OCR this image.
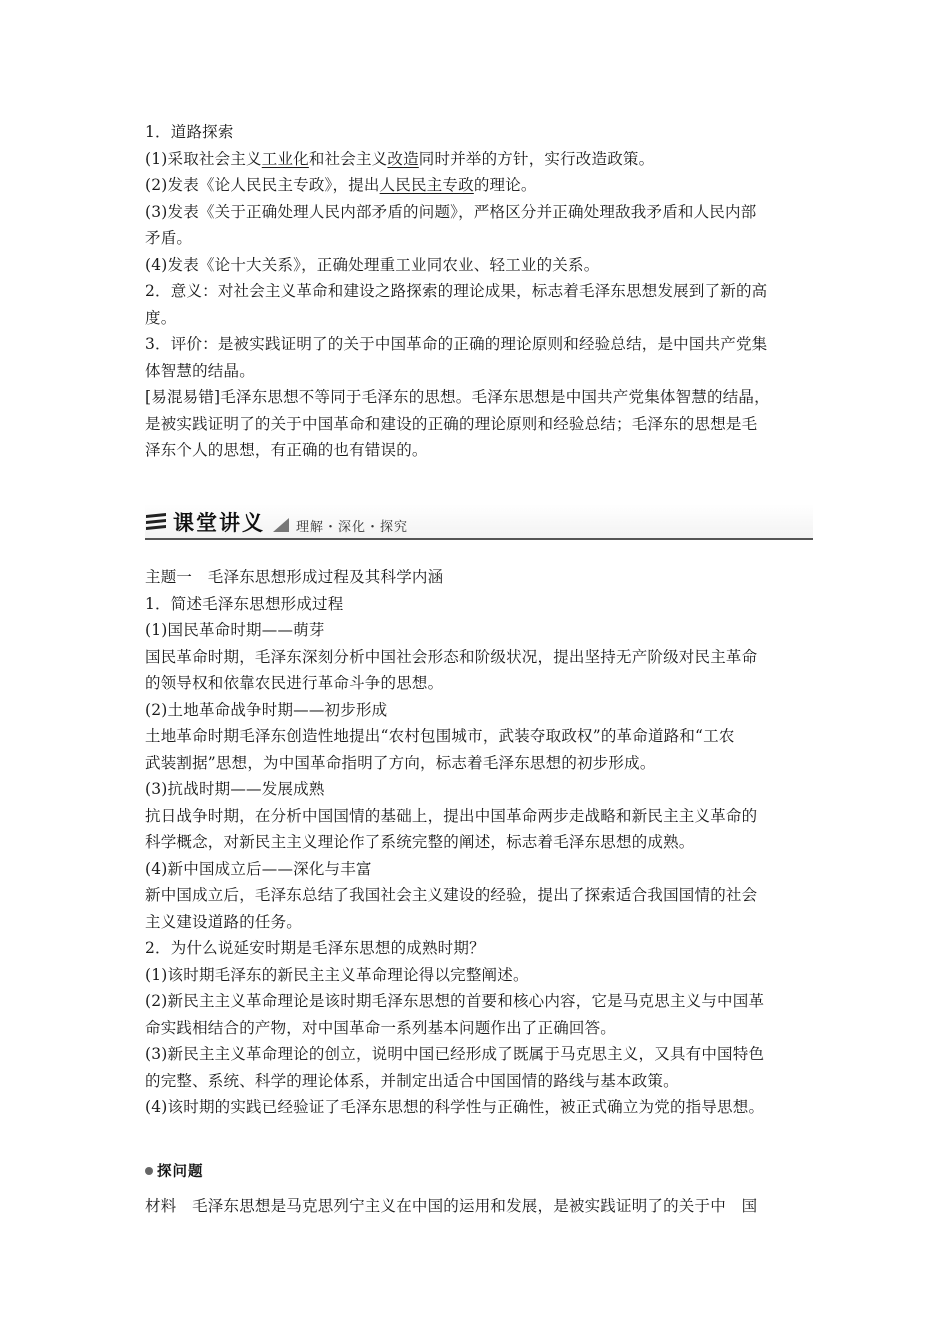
1．道路探索
(1)采取社会主义工业化和社会主义改造同时并举的方针，实行改造政策。
(2)发表《论人民民主专政》，提出人民民主专政的理论。
(3)发表《关于正确处理人民内部矛盾的问题》，严格区分并正确处理敌我矛盾和人民内部
矛盾。
(4)发表《论十大关系》，正确处理重工业同农业、轻工业的关系。
2．意义：对社会主义革命和建设之路探索的理论成果，标志着毛泽东思想发展到了新的高
度。
3．评价：是被实践证明了的关于中国革命的正确的理论原则和经验总结，是中国共产党集
体智慧的结晶。
[易混易错]毛泽东思想不等同于毛泽东的思想。毛泽东思想是中国共产党集体智慧的结晶，
是被实践证明了的关于中国革命和建设的正确的理论原则和经验总结；毛泽东的思想是毛
泽东个人的思想，有正确的也有错误的。
课堂讲义 理解・深化・探究
主题一　毛泽东思想形成过程及其科学内涵
1．简述毛泽东思想形成过程
(1)国民革命时期——萌芽
国民革命时期，毛泽东深刻分析中国社会形态和阶级状况，提出坚持无产阶级对民主革命
的领导权和依靠农民进行革命斗争的思想。
(2)土地革命战争时期——初步形成
土地革命时期毛泽东创造性地提出“农村包围城市，武装夺取政权”的革命道路和“工农
武装割据”思想，为中国革命指明了方向，标志着毛泽东思想的初步形成。
(3)抗战时期——发展成熟
抗日战争时期，在分析中国国情的基础上，提出中国革命两步走战略和新民主主义革命的
科学概念，对新民主主义理论作了系统完整的阐述，标志着毛泽东思想的成熟。
(4)新中国成立后——深化与丰富
新中国成立后，毛泽东总结了我国社会主义建设的经验，提出了探索适合我国国情的社会
主义建设道路的任务。
2．为什么说延安时期是毛泽东思想的成熟时期？
(1)该时期毛泽东的新民主主义革命理论得以完整阐述。
(2)新民主主义革命理论是该时期毛泽东思想的首要和核心内容，它是马克思主义与中国革
命实践相结合的产物，对中国革命一系列基本问题作出了正确回答。
(3)新民主主义革命理论的创立，说明中国已经形成了既属于马克思主义，又具有中国特色
的完整、系统、科学的理论体系，并制定出适合中国国情的路线与基本政策。
(4)该时期的实践已经验证了毛泽东思想的科学性与正确性，被正式确立为党的指导思想。
探问题
材料　毛泽东思想是马克思列宁主义在中国的运用和发展，是被实践证明了的关于中　国
